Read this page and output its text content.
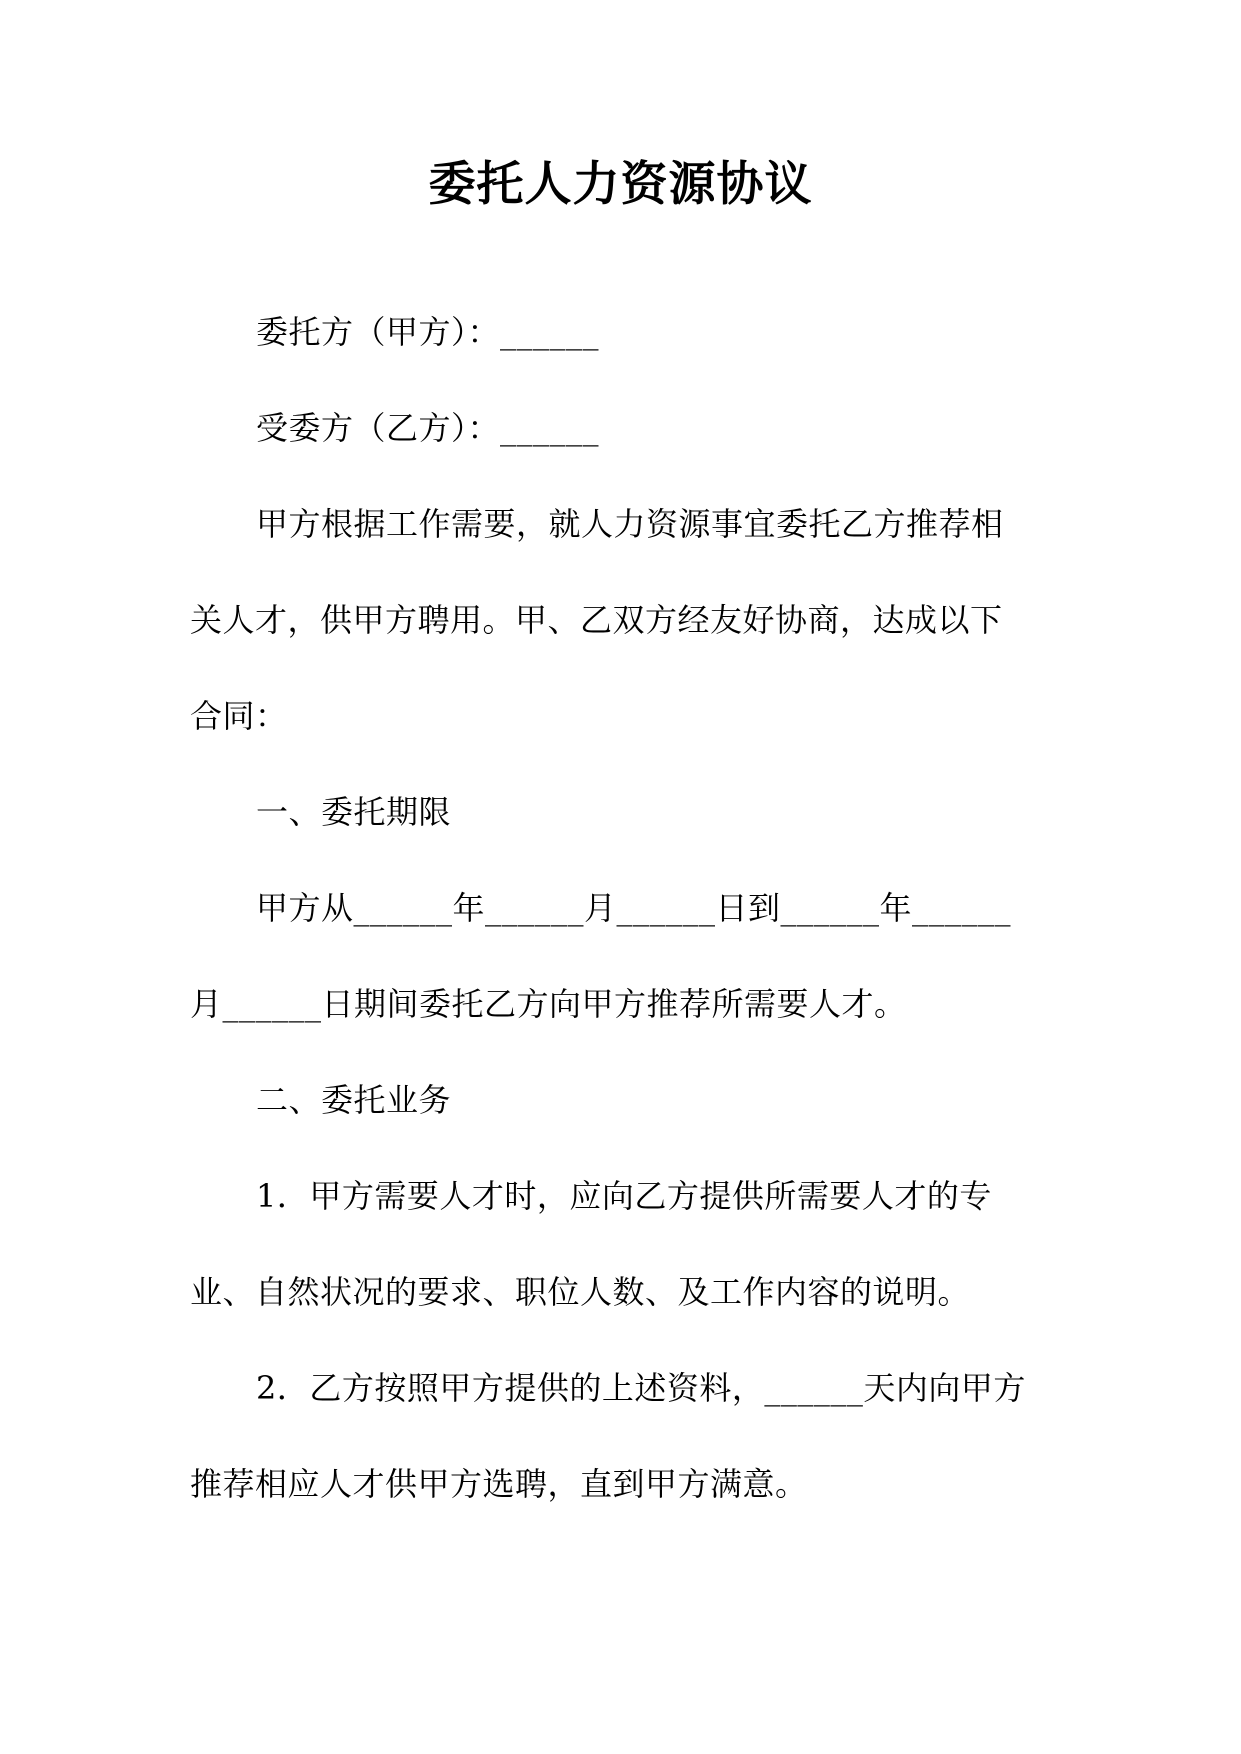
委托人力资源协议
委托方（甲方）：______
受委方（乙方）：______
甲方根据工作需要，就人力资源事宜委托乙方推荐相
关人才，供甲方聘用。甲、乙双方经友好协商，达成以下
合同：
一、委托期限
甲方从______年______月______日到______年______
月______日期间委托乙方向甲方推荐所需要人才。
二、委托业务
1．甲方需要人才时，应向乙方提供所需要人才的专
业、自然状况的要求、职位人数、及工作内容的说明。
2．乙方按照甲方提供的上述资料，______天内向甲方
推荐相应人才供甲方选聘，直到甲方满意。
